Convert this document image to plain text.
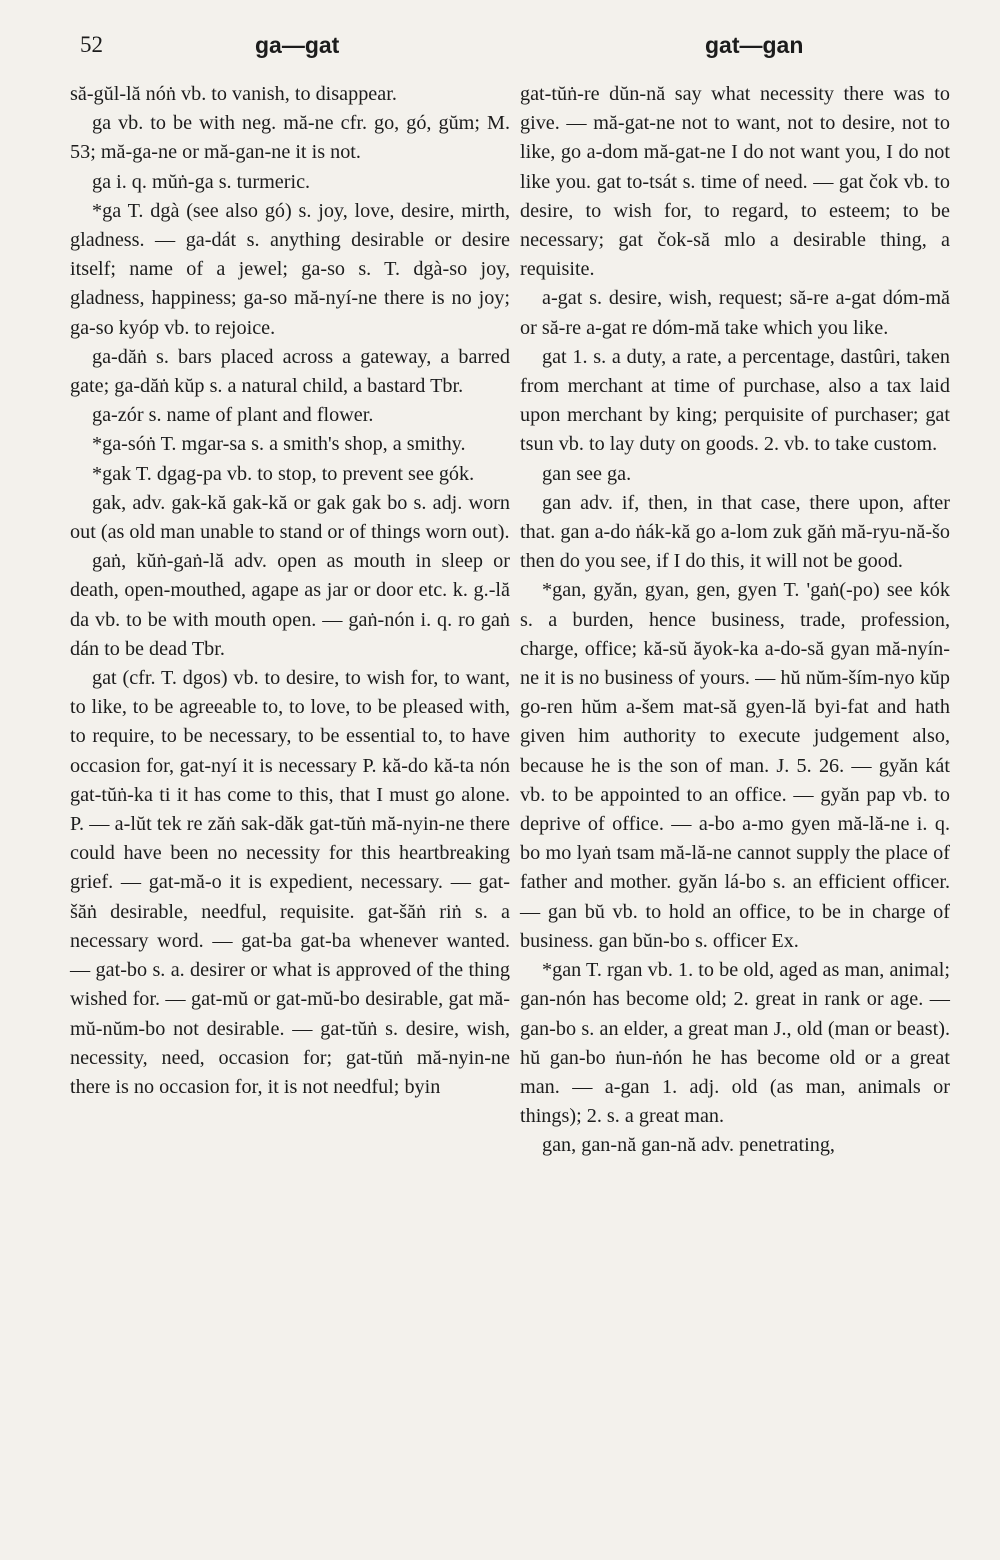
52	ga—gat	gat—gan

să-gŭl-lă nóṅ vb. to vanish, to disappear.

ga vb. to be with neg. mă-ne cfr. go, gó, gŭm; M. 53; mă-ga-ne or mă-gan-ne it is not.

ga i. q. mŭṅ-ga s. turmeric.

*ga T. dgà (see also gó) s. joy, love, desire, mirth, gladness. — ga-dát s. anything desirable or desire itself; name of a jewel; ga-so s. T. dgà-so joy, gladness, happiness; ga-so mă-nyí-ne there is no joy; ga-so kyóp vb. to rejoice.

ga-dăṅ s. bars placed across a gateway, a barred gate; ga-dăṅ kŭp s. a natural child, a bastard Tbr.

ga-zór s. name of plant and flower.

*ga-sóṅ T. mgar-sa s. a smith's shop, a smithy.

*gak T. dgag-pa vb. to stop, to prevent see gók.

gak, adv. gak-kă gak-kă or gak gak bo s. adj. worn out (as old man unable to stand or of things worn out).

gaṅ, kŭṅ-gaṅ-lă adv. open as mouth in sleep or death, open-mouthed, agape as jar or door etc. k. g.-lă da vb. to be with mouth open. — gaṅ-nón i. q. ro gaṅ dán to be dead Tbr.

gat (cfr. T. dgos) vb. to desire, to wish for, to want, to like, to be agreeable to, to love, to be pleased with, to require, to be necessary, to be essential to, to have occasion for, gat-nyí it is necessary P. kă-do kă-ta nón gat-tŭṅ-ka ti it has come to this, that I must go alone. P. — a-lŭt tek re zăṅ sak-dăk gat-tŭṅ mă-nyin-ne there could have been no necessity for this heartbreaking grief. — gat-mă-o it is expedient, necessary. — gat-šăṅ desirable, needful, requisite. gat-šăṅ riṅ s. a necessary word. — gat-ba gat-ba whenever wanted. — gat-bo s. a. desirer or what is approved of the thing wished for. — gat-mŭ or gat-mŭ-bo desirable, gat mă-mŭ-nŭm-bo not desirable. — gat-tŭṅ s. desire, wish, necessity, need, occasion for; gat-tŭṅ mă-nyin-ne there is no occasion for, it is not needful; byin

gat-tŭṅ-re dŭn-nă say what necessity there was to give. — mă-gat-ne not to want, not to desire, not to like, go a-dom mă-gat-ne I do not want you, I do not like you. gat to-tsát s. time of need. — gat čok vb. to desire, to wish for, to regard, to esteem; to be necessary; gat čok-să mlo a desirable thing, a requisite.

a-gat s. desire, wish, request; să-re a-gat dóm-mă or să-re a-gat re dóm-mă take which you like.

gat 1. s. a duty, a rate, a percentage, dastûri, taken from merchant at time of purchase, also a tax laid upon merchant by king; perquisite of purchaser; gat tsun vb. to lay duty on goods. 2. vb. to take custom.

gan see ga.

gan adv. if, then, in that case, there upon, after that. gan a-do ṅák-kă go a-lom zuk găṅ mă-ryu-nă-šo then do you see, if I do this, it will not be good.

*gan, gyăn, gyan, gen, gyen T. 'gaṅ(-po) see kók s. a burden, hence business, trade, profession, charge, office; kă-sŭ ăyok-ka a-do-să gyan mă-nyín-ne it is no business of yours. — hŭ nŭm-ším-nyo kŭp go-ren hŭm a-šem mat-să gyen-lă byi-fat and hath given him authority to execute judgement also, because he is the son of man. J. 5. 26. — gyăn kát vb. to be appointed to an office. — gyăn pap vb. to deprive of office. — a-bo a-mo gyen mă-lă-ne i. q. bo mo lyaṅ tsam mă-lă-ne cannot supply the place of father and mother. gyăn lá-bo s. an efficient officer. — gan bŭ vb. to hold an office, to be in charge of business. gan bŭn-bo s. officer Ex.

*gan T. rgan vb. 1. to be old, aged as man, animal; gan-nón has become old; 2. great in rank or age. — gan-bo s. an elder, a great man J., old (man or beast). hŭ gan-bo ṅun-ṅón he has become old or a great man. — a-gan 1. adj. old (as man, animals or things); 2. s. a great man.

gan, gan-nă gan-nă adv. penetrating,
